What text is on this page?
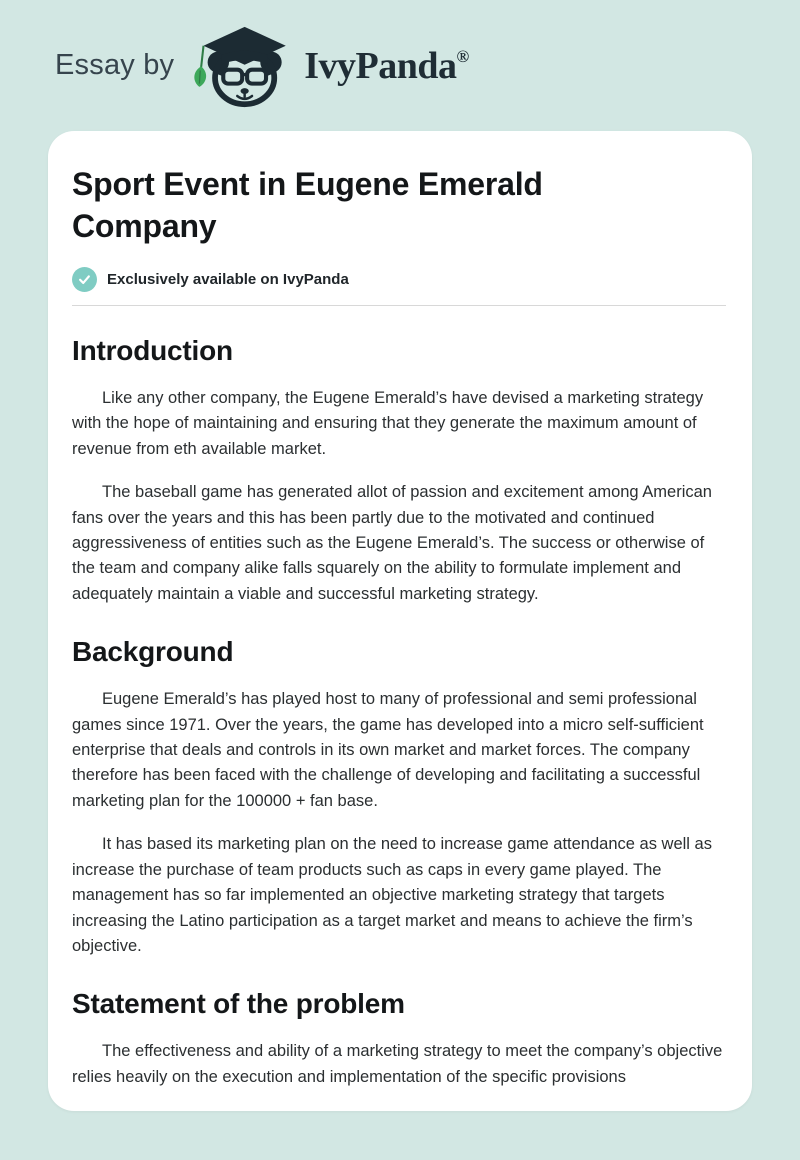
Essay by	IvyPanda®
Sport Event in Eugene Emerald Company
Exclusively available on IvyPanda
Introduction

Like any other company, the Eugene Emerald’s have devised a marketing strategy with the hope of maintaining and ensuring that they generate the maximum amount of revenue from eth available market.

The baseball game has generated allot of passion and excitement among American fans over the years and this has been partly due to the motivated and continued aggressiveness of entities such as the Eugene Emerald’s. The success or otherwise of the team and company alike falls squarely on the ability to formulate implement and adequately maintain a viable and successful marketing strategy.

Background

Eugene Emerald’s has played host to many of professional and semi professional games since 1971. Over the years, the game has developed into a micro self-sufficient enterprise that deals and controls in its own market and market forces. The company therefore has been faced with the challenge of developing and facilitating a successful marketing plan for the 100000 + fan base.

It has based its marketing plan on the need to increase game attendance as well as increase the purchase of team products such as caps in every game played. The management has so far implemented an objective marketing strategy that targets increasing the Latino participation as a target market and means to achieve the firm’s objective.

Statement of the problem

The effectiveness and ability of a marketing strategy to meet the company’s objective relies heavily on the execution and implementation of the specific provisions
